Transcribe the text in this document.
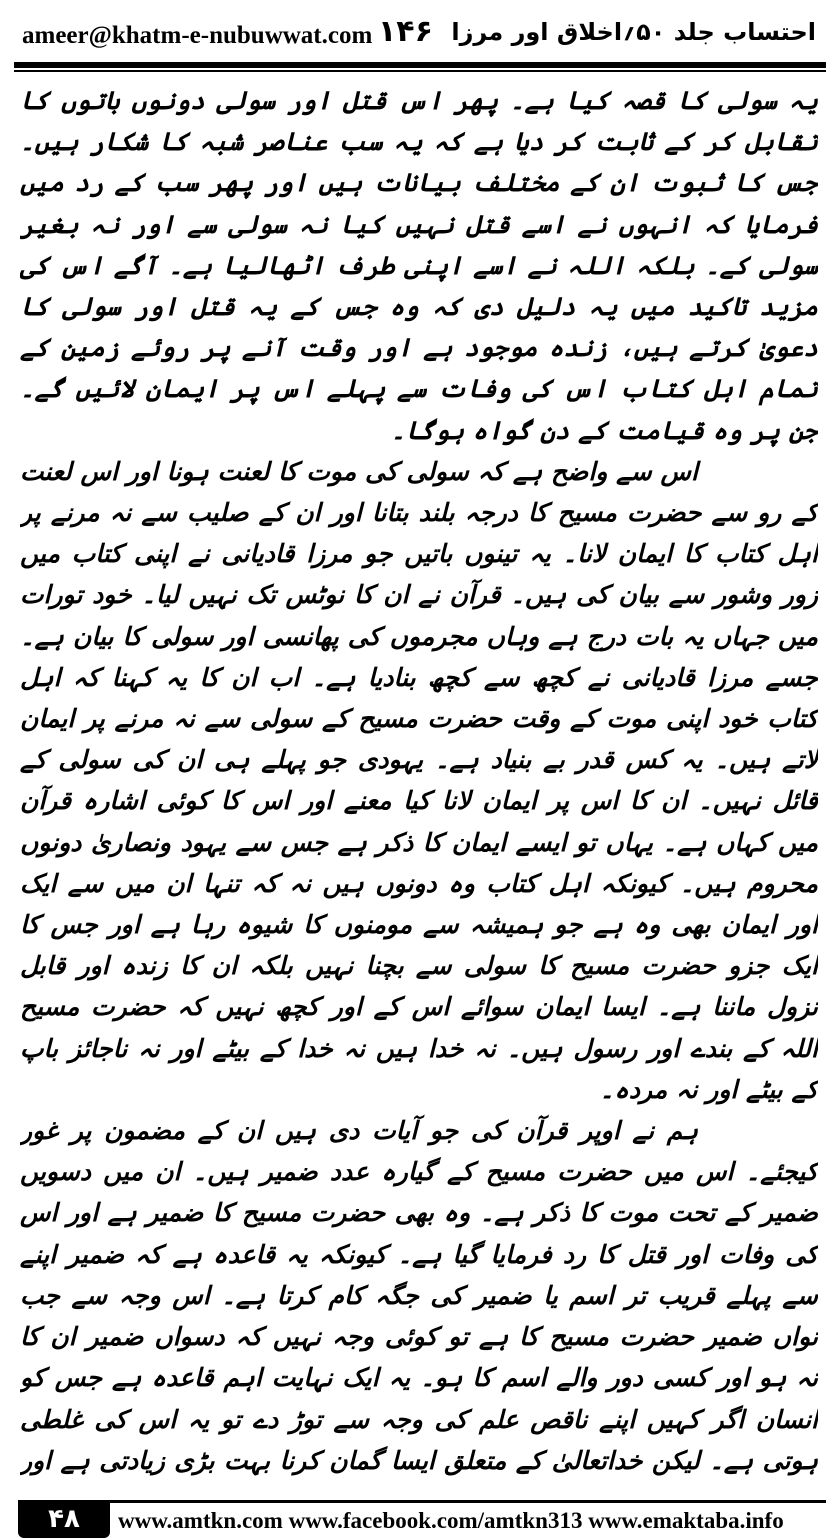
ameer@khatm-e-nubuwwat.com ۱۴۶ احتساب جلد ۵۰؍اخلاق اور مرزا

یہ سولی کا قصہ کیا ہے۔ پھر اس قتل اور سولی دونوں باتوں کا تقابل کر کے ثابت کر دیا ہے کہ یہ سب عناصر شبہ کا شکار ہیں۔ جس کا ثبوت ان کے مختلف بیانات ہیں اور پھر سب کے رد میں فرمایا کہ انہوں نے اسے قتل نہیں کیا نہ سولی سے اور نہ بغیر سولی کے۔ بلکہ اللہ نے اسے اپنی طرف اٹھالیا ہے۔ آگے اس کی مزید تاکید میں یہ دلیل دی کہ وہ جس کے یہ قتل اور سولی کا دعویٰ کرتے ہیں، زندہ موجود ہے اور وقت آنے پر روئے زمین کے تمام اہل کتاب اس کی وفات سے پہلے اس پر ایمان لائیں گے۔ جن پر وہ قیامت کے دن گواہ ہوگا۔

اس سے واضح ہے کہ سولی کی موت کا لعنت ہونا اور اس لعنت کے رو سے حضرت مسیح کا درجہ بلند بتانا اور ان کے صلیب سے نہ مرنے پر اہل کتاب کا ایمان لانا۔ یہ تینوں باتیں جو مرزا قادیانی نے اپنی کتاب میں زور وشور سے بیان کی ہیں۔ قرآن نے ان کا نوٹس تک نہیں لیا۔ خود تورات میں جہاں یہ بات درج ہے وہاں مجرموں کی پھانسی اور سولی کا بیان ہے۔ جسے مرزا قادیانی نے کچھ سے کچھ بنادیا ہے۔ اب ان کا یہ کہنا کہ اہل کتاب خود اپنی موت کے وقت حضرت مسیح کے سولی سے نہ مرنے پر ایمان لاتے ہیں۔ یہ کس قدر بے بنیاد ہے۔ یہودی جو پہلے ہی ان کی سولی کے قائل نہیں۔ ان کا اس پر ایمان لانا کیا معنے اور اس کا کوئی اشارہ قرآن میں کہاں ہے۔ یہاں تو ایسے ایمان کا ذکر ہے جس سے یہود ونصاریٰ دونوں محروم ہیں۔ کیونکہ اہل کتاب وہ دونوں ہیں نہ کہ تنہا ان میں سے ایک اور ایمان بھی وہ ہے جو ہمیشہ سے مومنوں کا شیوہ رہا ہے اور جس کا ایک جزو حضرت مسیح کا سولی سے بچنا نہیں بلکہ ان کا زندہ اور قابل نزول ماننا ہے۔ ایسا ایمان سوائے اس کے اور کچھ نہیں کہ حضرت مسیح اللہ کے بندے اور رسول ہیں۔ نہ خدا ہیں نہ خدا کے بیٹے اور نہ ناجائز باپ کے بیٹے اور نہ مردہ۔

ہم نے اوپر قرآن کی جو آیات دی ہیں ان کے مضمون پر غور کیجئے۔ اس میں حضرت مسیح کے گیارہ عدد ضمیر ہیں۔ ان میں دسویں ضمیر کے تحت موت کا ذکر ہے۔ وہ بھی حضرت مسیح کا ضمیر ہے اور اس کی وفات اور قتل کا رد فرمایا گیا ہے۔ کیونکہ یہ قاعدہ ہے کہ ضمیر اپنے سے پہلے قریب تر اسم یا ضمیر کی جگہ کام کرتا ہے۔ اس وجہ سے جب نواں ضمیر حضرت مسیح کا ہے تو کوئی وجہ نہیں کہ دسواں ضمیر ان کا نہ ہو اور کسی دور والے اسم کا ہو۔ یہ ایک نہایت اہم قاعدہ ہے جس کو انسان اگر کہیں اپنے ناقص علم کی وجہ سے توڑ دے تو یہ اس کی غلطی ہوتی ہے۔ لیکن خداتعالیٰ کے متعلق ایسا گمان کرنا بہت بڑی زیادتی ہے اور

۴۸	www.amtkn.com www.facebook.com/amtkn313 www.emaktaba.info
